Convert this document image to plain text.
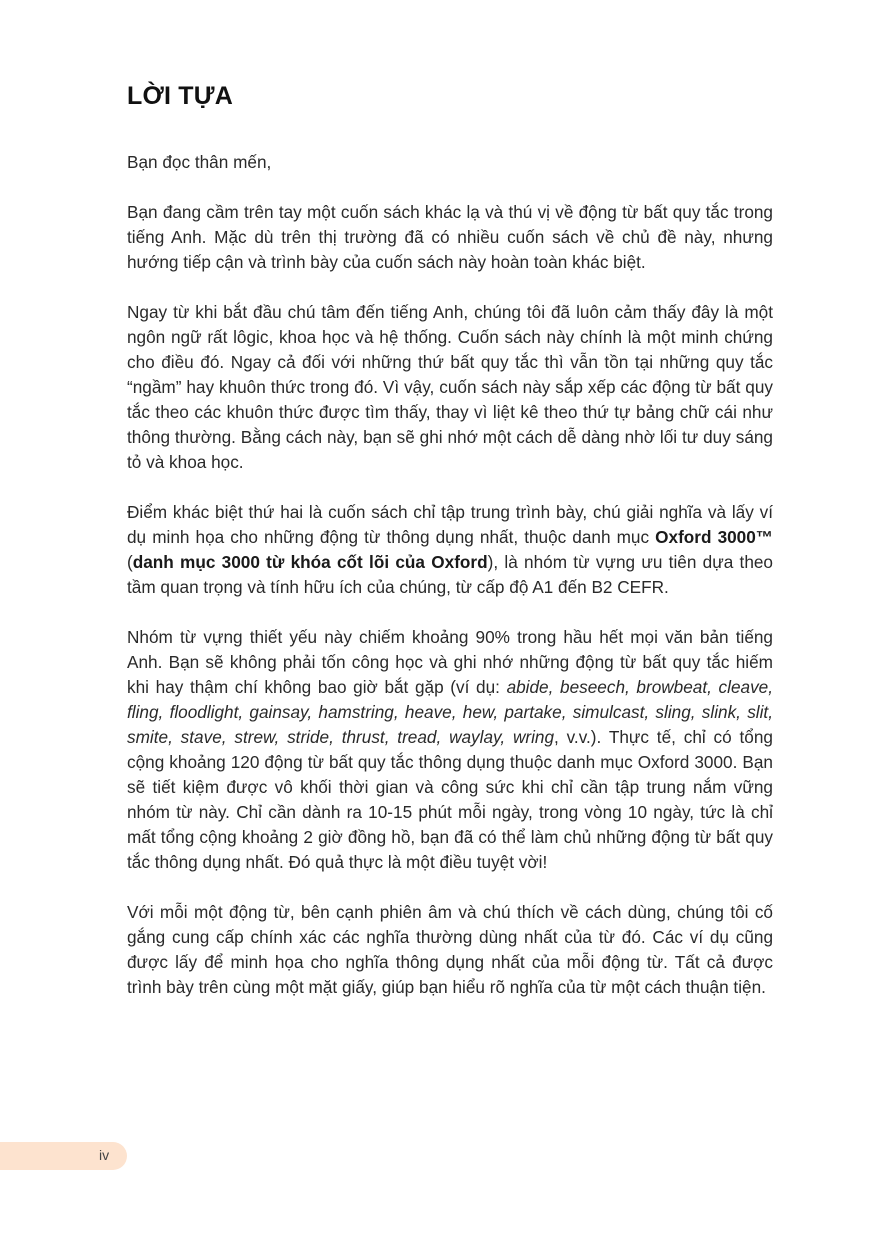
LỜI TỰA

Bạn đọc thân mến,

Bạn đang cầm trên tay một cuốn sách khác lạ và thú vị về động từ bất quy tắc trong tiếng Anh. Mặc dù trên thị trường đã có nhiều cuốn sách về chủ đề này, nhưng hướng tiếp cận và trình bày của cuốn sách này hoàn toàn khác biệt.

Ngay từ khi bắt đầu chú tâm đến tiếng Anh, chúng tôi đã luôn cảm thấy đây là một ngôn ngữ rất lôgic, khoa học và hệ thống. Cuốn sách này chính là một minh chứng cho điều đó. Ngay cả đối với những thứ bất quy tắc thì vẫn tồn tại những quy tắc “ngầm” hay khuôn thức trong đó. Vì vậy, cuốn sách này sắp xếp các động từ bất quy tắc theo các khuôn thức được tìm thấy, thay vì liệt kê theo thứ tự bảng chữ cái như thông thường. Bằng cách này, bạn sẽ ghi nhớ một cách dễ dàng nhờ lối tư duy sáng tỏ và khoa học.

Điểm khác biệt thứ hai là cuốn sách chỉ tập trung trình bày, chú giải nghĩa và lấy ví dụ minh họa cho những động từ thông dụng nhất, thuộc danh mục Oxford 3000™ (danh mục 3000 từ khóa cốt lõi của Oxford), là nhóm từ vựng ưu tiên dựa theo tầm quan trọng và tính hữu ích của chúng, từ cấp độ A1 đến B2 CEFR.

Nhóm từ vựng thiết yếu này chiếm khoảng 90% trong hầu hết mọi văn bản tiếng Anh. Bạn sẽ không phải tốn công học và ghi nhớ những động từ bất quy tắc hiếm khi hay thậm chí không bao giờ bắt gặp (ví dụ: abide, beseech, browbeat, cleave, fling, floodlight, gainsay, hamstring, heave, hew, partake, simulcast, sling, slink, slit, smite, stave, strew, stride, thrust, tread, waylay, wring, v.v.). Thực tế, chỉ có tổng cộng khoảng 120 động từ bất quy tắc thông dụng thuộc danh mục Oxford 3000. Bạn sẽ tiết kiệm được vô khối thời gian và công sức khi chỉ cần tập trung nắm vững nhóm từ này. Chỉ cần dành ra 10-15 phút mỗi ngày, trong vòng 10 ngày, tức là chỉ mất tổng cộng khoảng 2 giờ đồng hồ, bạn đã có thể làm chủ những động từ bất quy tắc thông dụng nhất. Đó quả thực là một điều tuyệt vời!

Với mỗi một động từ, bên cạnh phiên âm và chú thích về cách dùng, chúng tôi cố gắng cung cấp chính xác các nghĩa thường dùng nhất của từ đó. Các ví dụ cũng được lấy để minh họa cho nghĩa thông dụng nhất của mỗi động từ. Tất cả được trình bày trên cùng một mặt giấy, giúp bạn hiểu rõ nghĩa của từ một cách thuận tiện.

iv
